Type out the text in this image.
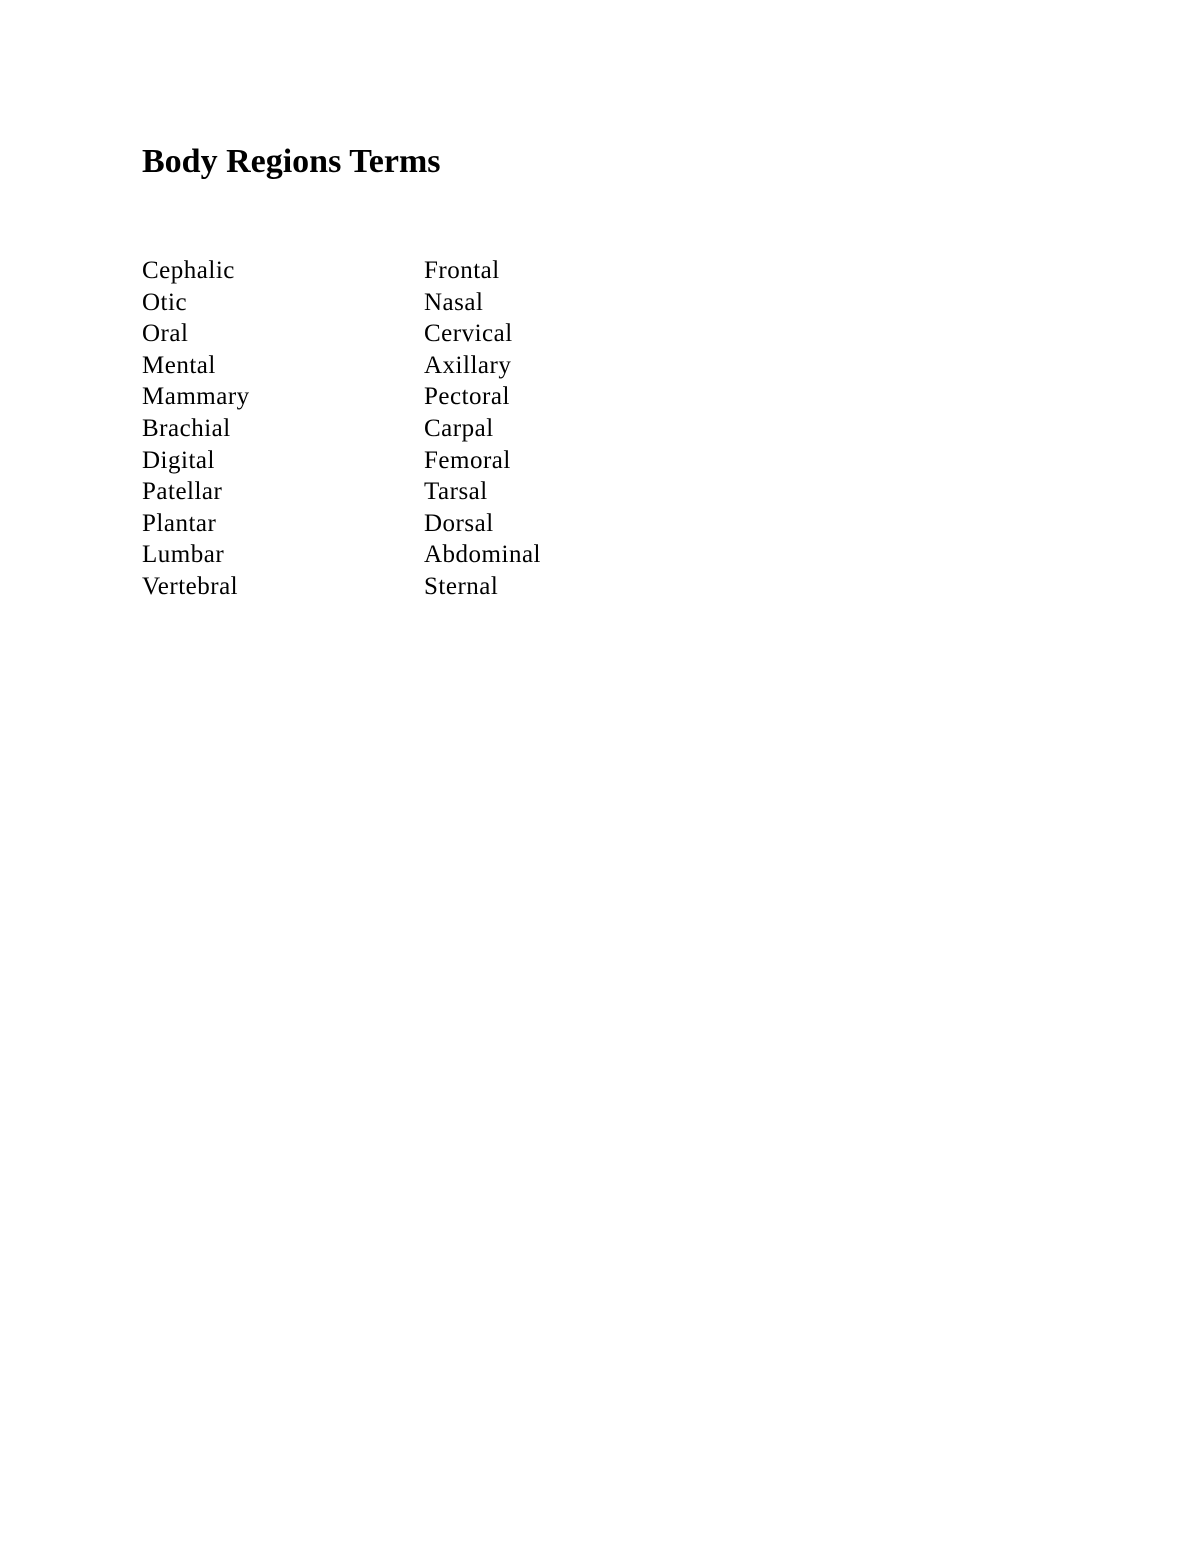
Body Regions Terms
Cephalic	Frontal
Otic	Nasal
Oral	Cervical
Mental	Axillary
Mammary	Pectoral
Brachial	Carpal
Digital	Femoral
Patellar	Tarsal
Plantar	Dorsal
Lumbar	Abdominal
Vertebral	Sternal
